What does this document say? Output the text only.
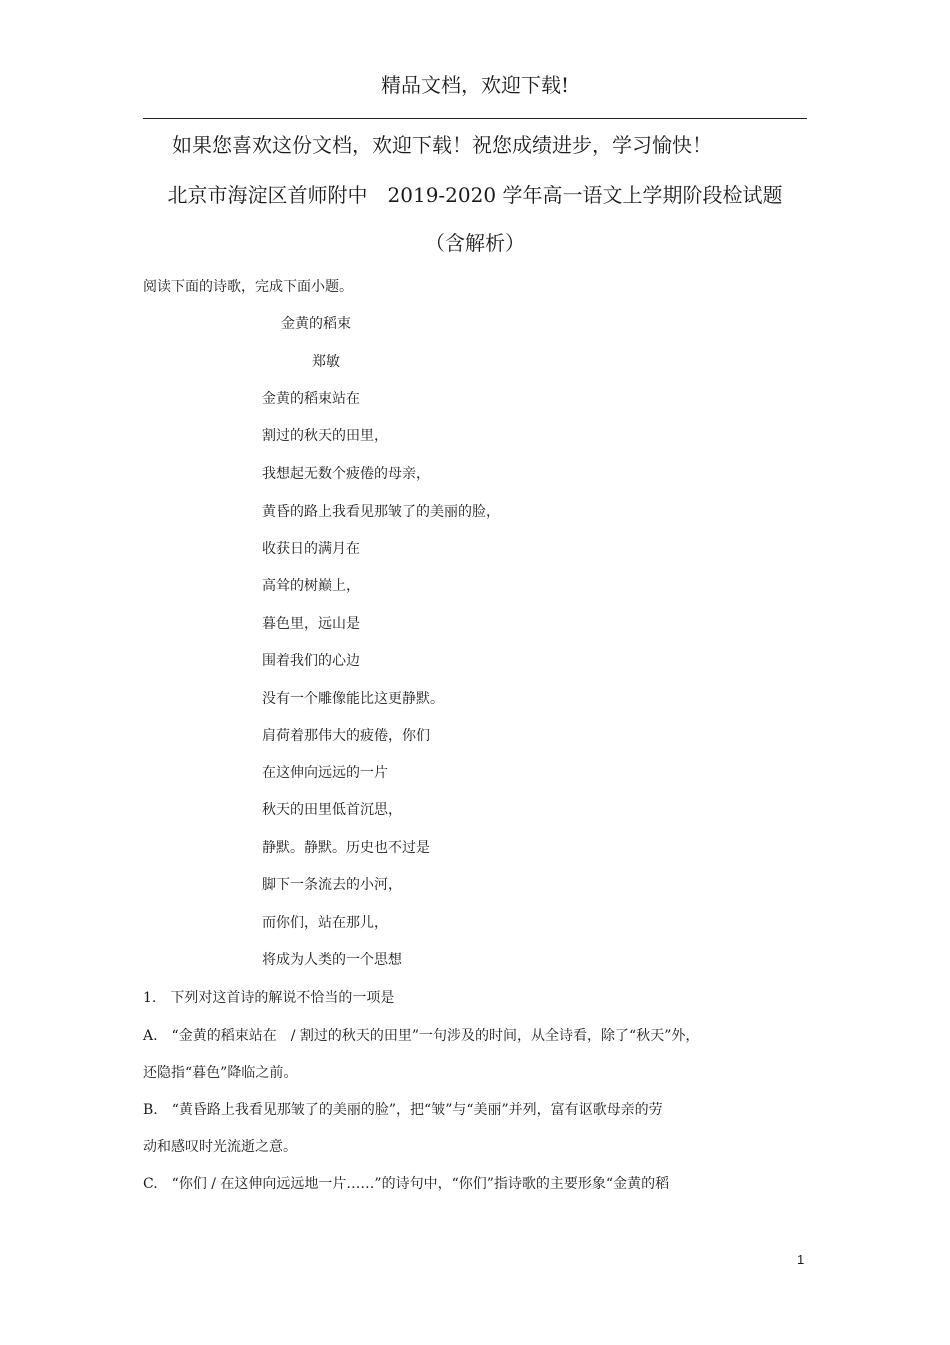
精品文档，欢迎下载!
如果您喜欢这份文档，欢迎下载！祝您成绩进步，学习愉快！
北京市海淀区首师附中　2019-2020 学年高一语文上学期阶段检试题
（含解析）
阅读下面的诗歌，完成下面小题。
金黄的稻束
郑敏
金黄的稻束站在
割过的秋天的田里，
我想起无数个疲倦的母亲，
黄昏的路上我看见那皱了的美丽的脸，
收获日的满月在
高耸的树巅上，
暮色里，远山是
围着我们的心边
没有一个雕像能比这更静默。
肩荷着那伟大的疲倦，你们
在这伸向远远的一片
秋天的田里低首沉思，
静默。静默。历史也不过是
脚下一条流去的小河，
而你们，站在那儿，
将成为人类的一个思想
1.　下列对这首诗的解说不恰当的一项是
A.　“金黄的稻束站在　/ 割过的秋天的田里”一句涉及的时间，从全诗看，除了“秋天”外，
还隐指“暮色”降临之前。
B.　“黄昏路上我看见那皱了的美丽的脸”，把“皱”与“美丽”并列，富有讴歌母亲的劳
动和感叹时光流逝之意。
C.　“你们 / 在这伸向远远地一片……”的诗句中，“你们”指诗歌的主要形象“金黄的稻
1
